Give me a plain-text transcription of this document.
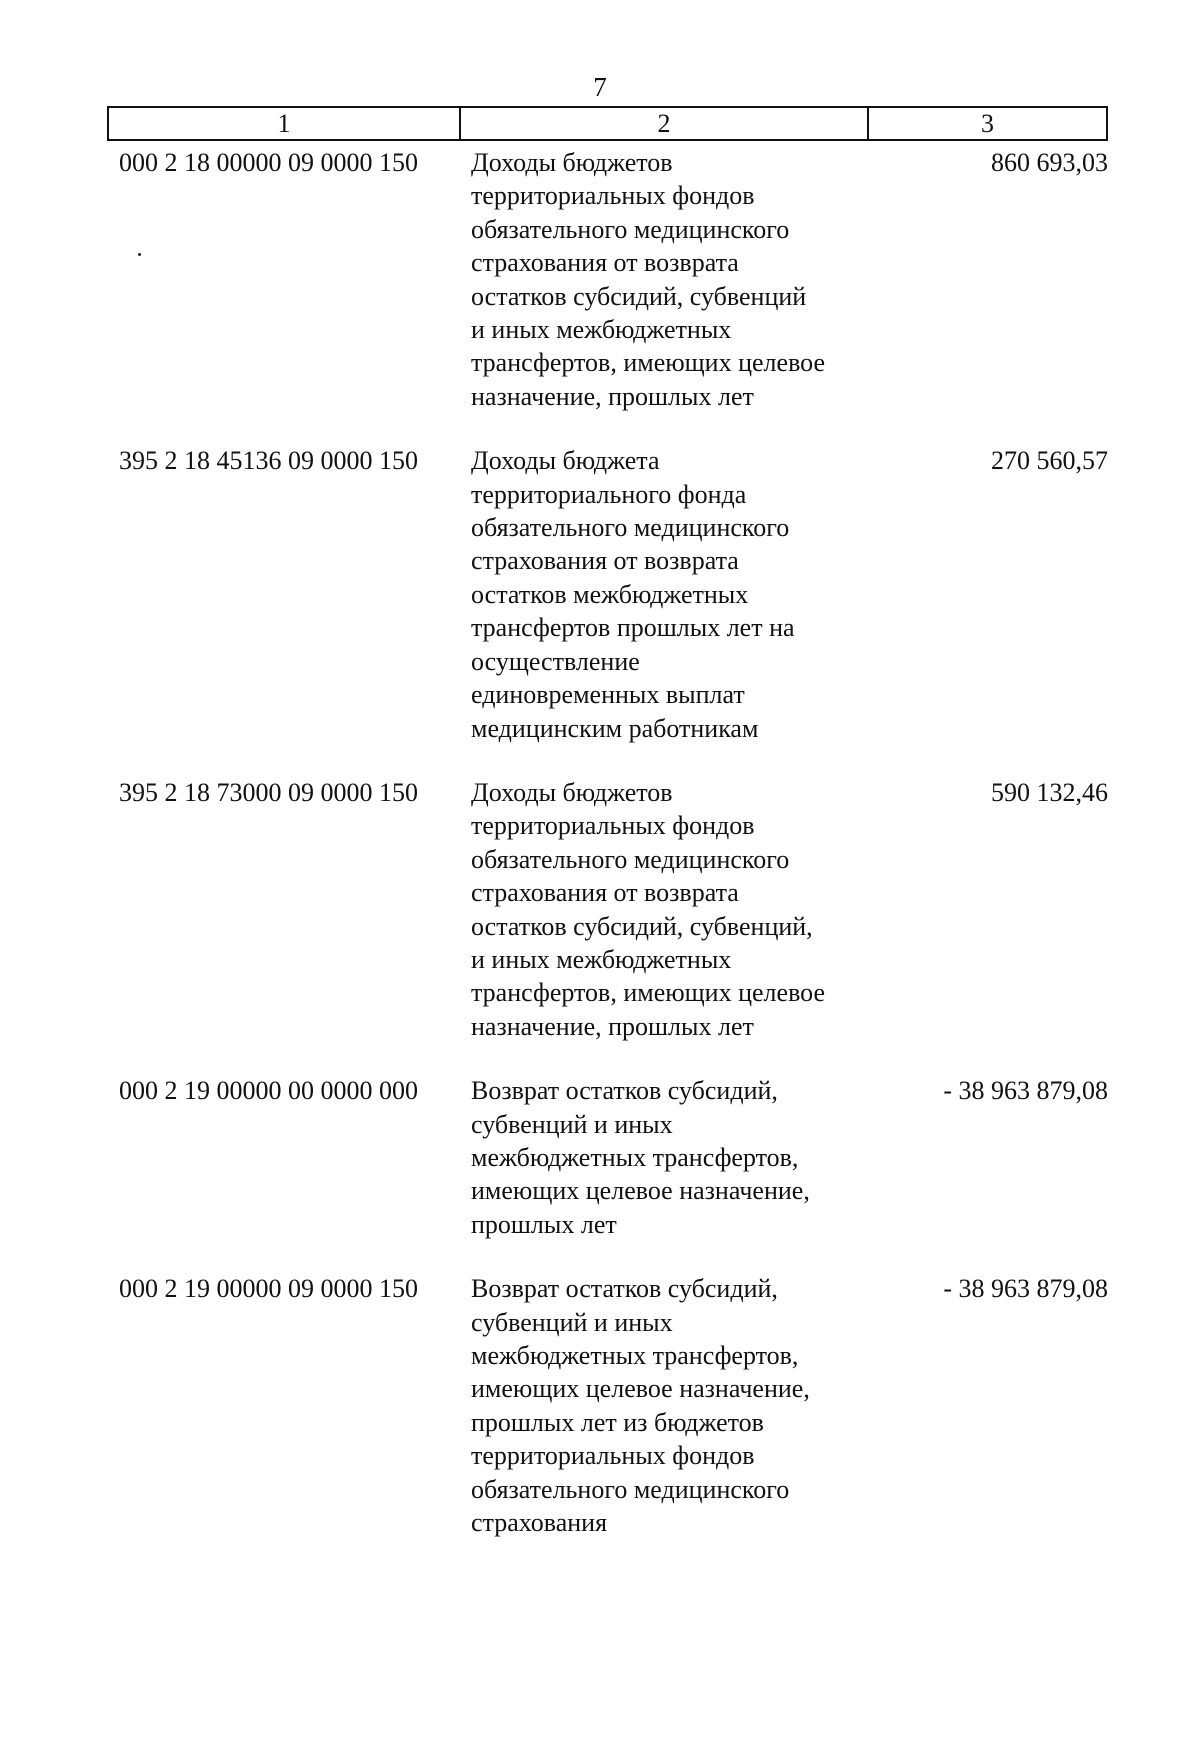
7
1	2	3
000 2 18 00000 09 0000 150	Доходы бюджетов
территориальных фондов
обязательного медицинского
страхования от возврата
остатков субсидий, субвенций
и иных межбюджетных
трансфертов, имеющих целевое
назначение, прошлых лет
860 693,03
395 2 18 45136 09 0000 150	Доходы бюджета
территориального фонда
обязательного медицинского
страхования от возврата
остатков межбюджетных
трансфертов прошлых лет на
осуществление
единовременных выплат
медицинским работникам
270 560,57
395 2 18 73000 09 0000 150	Доходы бюджетов
территориальных фондов
обязательного медицинского
страхования от возврата
остатков субсидий, субвенций,
и иных межбюджетных
трансфертов, имеющих целевое
назначение, прошлых лет
590 132,46
000 2 19 00000 00 0000 000	Возврат остатков субсидий,
субвенций и иных
межбюджетных трансфертов,
имеющих целевое назначение,
прошлых лет
- 38 963 879,08
000 2 19 00000 09 0000 150	Возврат остатков субсидий,
субвенций и иных
межбюджетных трансфертов,
имеющих целевое назначение,
прошлых лет из бюджетов
территориальных фондов
обязательного медицинского
страхования
- 38 963 879,08
